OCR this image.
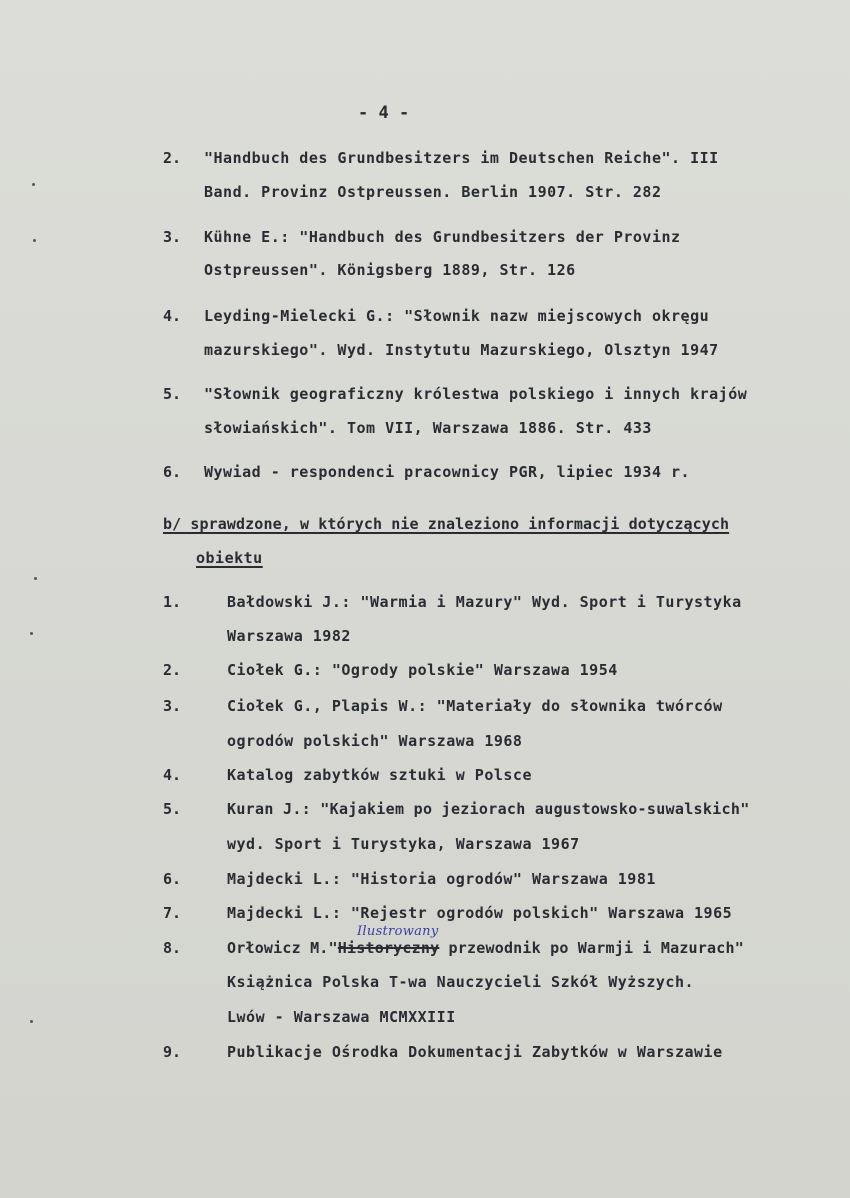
- 4 -
2. "Handbuch des Grundbesitzers im Deutschen Reiche". III
Band. Provinz Ostpreussen. Berlin 1907. Str. 282
3. Kühne E.: "Handbuch des Grundbesitzers der Provinz
Ostpreussen". Königsberg 1889, Str. 126
4. Leyding-Mielecki G.: "Słownik nazw miejscowych okręgu
mazurskiego". Wyd. Instytutu Mazurskiego, Olsztyn 1947
5. "Słownik geograficzny królestwa polskiego i innych krajów
słowiańskich". Tom VII, Warszawa 1886. Str. 433
6. Wywiad - respondenci pracownicy PGR, lipiec 1934 r.
b/ sprawdzone, w których nie znaleziono informacji dotyczących
obiektu
1.	Bałdowski J.: "Warmia i Mazury" Wyd. Sport i Turystyka
Warszawa 1982
2.	Ciołek G.: "Ogrody polskie" Warszawa 1954
3.	Ciołek G., Plapis W.: "Materiały do słownika twórców
ogrodów polskich" Warszawa 1968
4.	Katalog zabytków sztuki w Polsce
5.	Kuran J.: "Kajakiem po jeziorach augustowsko-suwalskich"
wyd. Sport i Turystyka, Warszawa 1967
6.	Majdecki L.: "Historia ogrodów" Warszawa 1981
7.	Majdecki L.: "Rejestr ogrodów polskich" Warszawa 1965
8.
Ilustrowany
Orłowicz M."Historyczny przewodnik po Warmji i Mazurach"
Książnica Polska T-wa Nauczycieli Szkół Wyższych.
Lwów - Warszawa MCMXXIII
9.	Publikacje Ośrodka Dokumentacji Zabytków w Warszawie
